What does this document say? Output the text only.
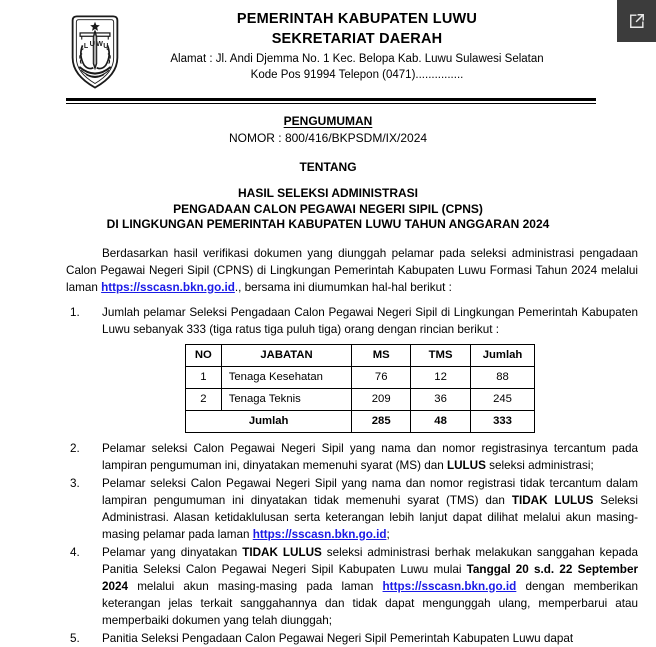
L U W U
PEMERINTAH KABUPATEN LUWU
SEKRETARIAT DAERAH
Alamat : Jl. Andi Djemma No. 1 Kec. Belopa Kab. Luwu Sulawesi Selatan
Kode Pos 91994 Telepon (0471)...............
PENGUMUMAN
NOMOR : 800/416/BKPSDM/IX/2024
TENTANG
HASIL SELEKSI ADMINISTRASI
PENGADAAN CALON PEGAWAI NEGERI SIPIL (CPNS)
DI LINGKUNGAN PEMERINTAH KABUPATEN LUWU TAHUN ANGGARAN 2024

Berdasarkan hasil verifikasi dokumen yang diunggah pelamar pada seleksi administrasi pengadaan Calon Pegawai Negeri Sipil (CPNS) di Lingkungan Pemerintah Kabupaten Luwu Formasi Tahun 2024 melalui laman https://sscasn.bkn.go.id., bersama ini diumumkan hal-hal berikut :

1.	Jumlah pelamar Seleksi Pengadaan Calon Pegawai Negeri Sipil di Lingkungan Pemerintah Kabupaten Luwu sebanyak 333 (tiga ratus tiga puluh tiga) orang dengan rincian berikut :
NO	JABATAN	MS	TMS	Jumlah
1	Tenaga Kesehatan	76	12	88
2	Tenaga Teknis	209	36	245
Jumlah		285	48	333
2.	Pelamar seleksi Calon Pegawai Negeri Sipil yang nama dan nomor registrasinya tercantum pada lampiran pengumuman ini, dinyatakan memenuhi syarat (MS) dan LULUS seleksi administrasi;
3.	Pelamar seleksi Calon Pegawai Negeri Sipil yang nama dan nomor registrasi tidak tercantum dalam lampiran pengumuman ini dinyatakan tidak memenuhi syarat (TMS) dan TIDAK LULUS Seleksi Administrasi. Alasan ketidaklulusan serta keterangan lebih lanjut dapat dilihat melalui akun masing-masing pelamar pada laman https://sscasn.bkn.go.id;
4.	Pelamar yang dinyatakan TIDAK LULUS seleksi administrasi berhak melakukan sanggahan kepada Panitia Seleksi Calon Pegawai Negeri Sipil Kabupaten Luwu mulai Tanggal 20 s.d. 22 September 2024 melalui akun masing-masing pada laman https://sscasn.bkn.go.id dengan memberikan keterangan jelas terkait sanggahannya dan tidak dapat mengunggah ulang, memperbarui atau memperbaiki dokumen yang telah diunggah;
5.	Panitia Seleksi Pengadaan Calon Pegawai Negeri Sipil Pemerintah Kabupaten Luwu dapat
